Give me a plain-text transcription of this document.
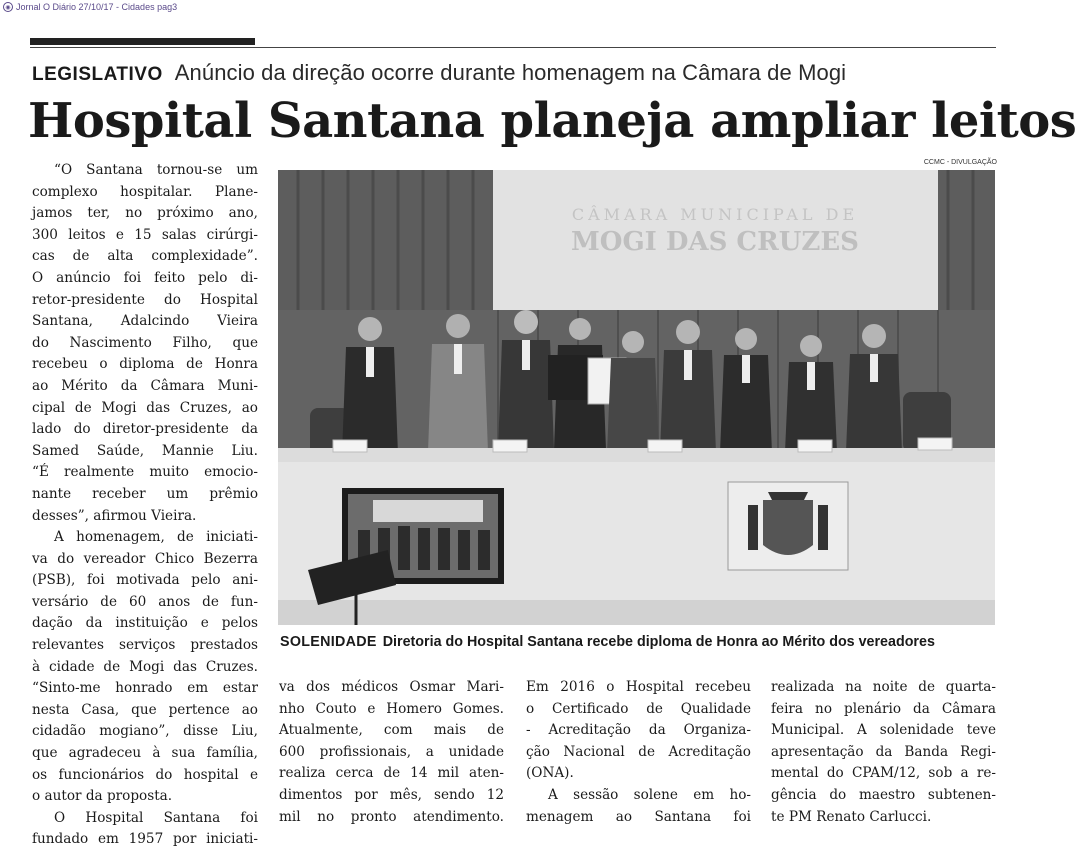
◉ Jornal O Diário 27/10/17 - Cidades pag3
LEGISLATIVO Anúncio da direção ocorre durante homenagem na Câmara de Mogi
Hospital Santana planeja ampliar leitos
CCMC - DIVULGAÇÃO
CÂMARA MUNICIPAL DE
MOGI DAS CRUZES
SOLENIDADE Diretoria do Hospital Santana recebe diploma de Honra ao Mérito dos vereadores
“O Santana tornou-se um
complexo hospitalar. Plane-
jamos ter, no próximo ano,
300 leitos e 15 salas cirúrgi-
cas de alta complexidade”.
O anúncio foi feito pelo di-
retor-presidente do Hospital
Santana, Adalcindo Vieira
do Nascimento Filho, que
recebeu o diploma de Honra
ao Mérito da Câmara Muni-
cipal de Mogi das Cruzes, ao
lado do diretor-presidente da
Samed Saúde, Mannie Liu.
“É realmente muito emocio-
nante receber um prêmio
desses”, afirmou Vieira.
A homenagem, de iniciati-
va do vereador Chico Bezerra
(PSB), foi motivada pelo ani-
versário de 60 anos de fun-
dação da instituição e pelos
relevantes serviços prestados
à cidade de Mogi das Cruzes.
“Sinto-me honrado em estar
nesta Casa, que pertence ao
cidadão mogiano”, disse Liu,
que agradeceu à sua família,
os funcionários do hospital e
o autor da proposta.
O Hospital Santana foi
fundado em 1957 por iniciati-
va dos médicos Osmar Mari-
nho Couto e Homero Gomes.
Atualmente, com mais de
600 profissionais, a unidade
realiza cerca de 14 mil aten-
dimentos por mês, sendo 12
mil no pronto atendimento.
Em 2016 o Hospital recebeu
o Certificado de Qualidade
- Acreditação da Organiza-
ção Nacional de Acreditação
(ONA).
A sessão solene em ho-
menagem ao Santana foi
realizada na noite de quarta-
feira no plenário da Câmara
Municipal. A solenidade teve
apresentação da Banda Regi-
mental do CPAM/12, sob a re-
gência do maestro subtenen-
te PM Renato Carlucci.
